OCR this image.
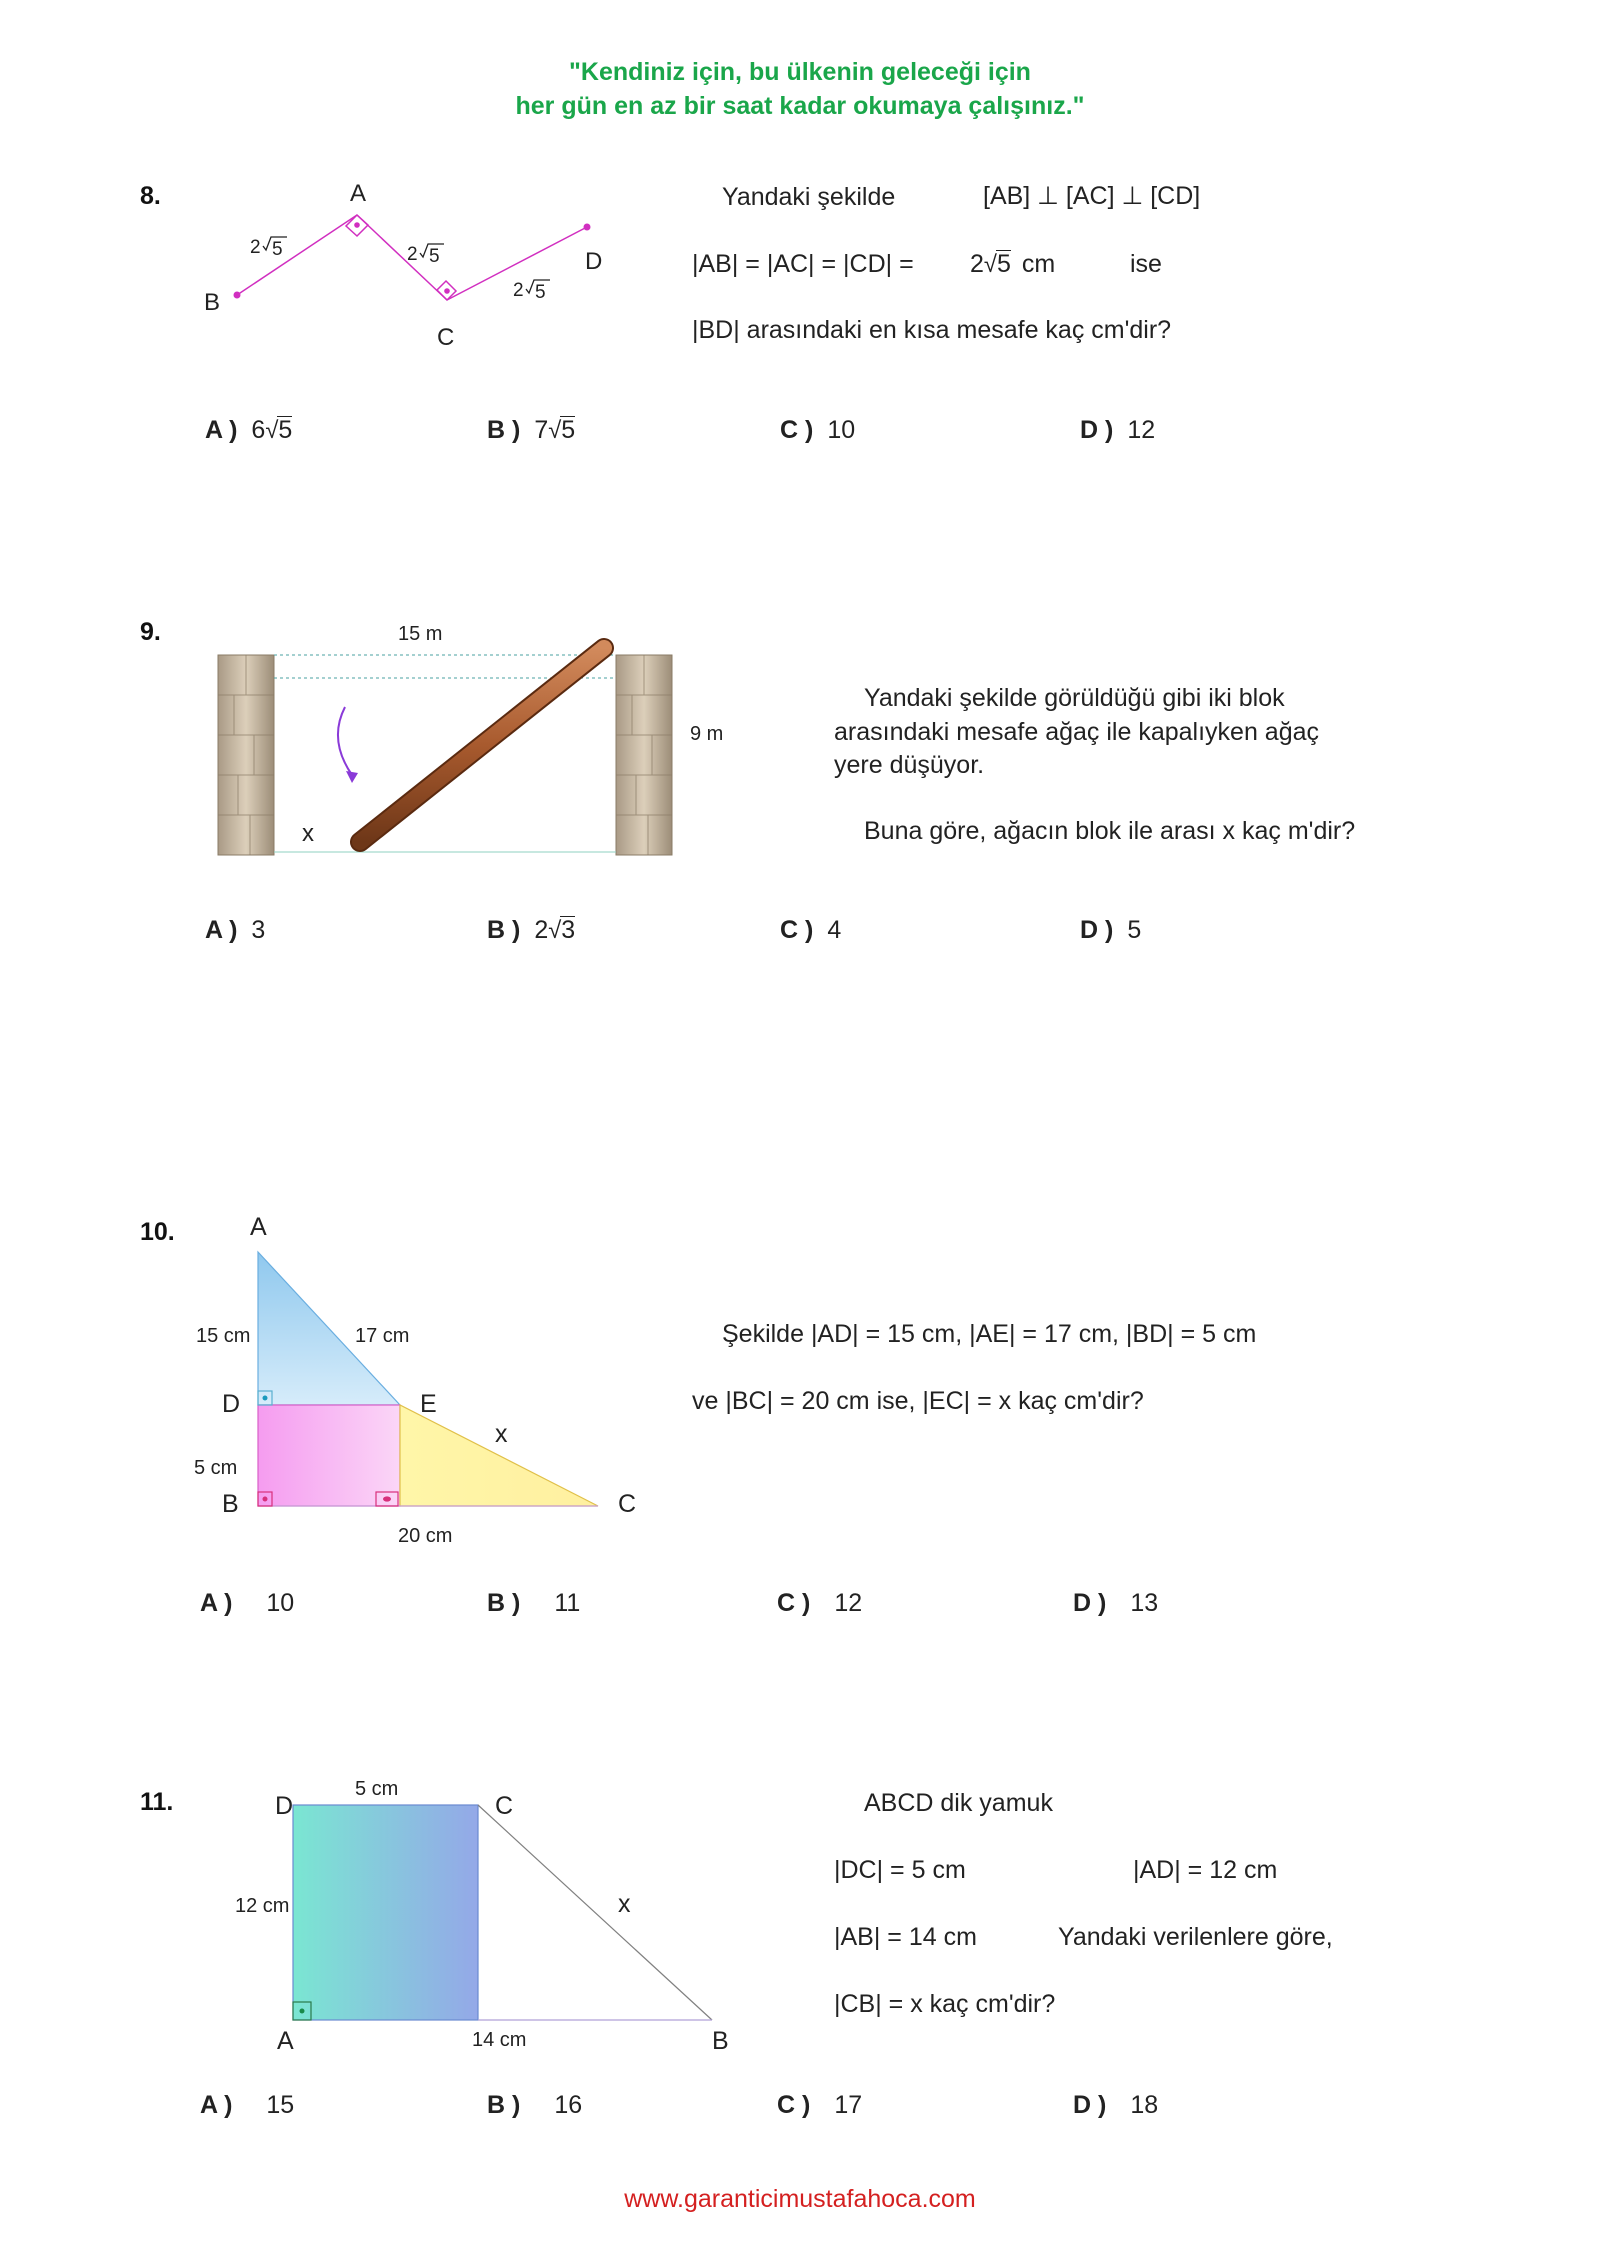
"Kendiniz için, bu ülkenin geleceği için
her gün en az bir saat kadar okumaya çalışınız."
8.	A
B
C
D
2 5	2 5
2 5
Yandaki şekilde	[AB] ⊥ [AC] ⊥ [CD]
|AB| = |AC| = |CD| = 2√5 cm	ise
|BD| arasındaki en kısa mesafe kaç cm'dir?
A ) 6√5	B ) 7√5	C ) 10	D ) 12
9.	15 m
9 m
x
Yandaki şekilde görüldüğü gibi iki blok
arasındaki mesafe ağaç ile kapalıyken ağaç
yere düşüyor.
Buna göre, ağacın blok ile arası x kaç m'dir?
A ) 3	B ) 2√3	C ) 4	D ) 5
10.	A
D	E
B	C
x
15 cm	17 cm
5 cm
20 cm
Şekilde |AD| = 15 cm, |AE| = 17 cm, |BD| = 5 cm
ve |BC| = 20 cm ise, |EC| = x kaç cm'dir?
A ) 10	B ) 11	C ) 12	D ) 13
11.	D	C
A	B
x
5 cm
12 cm
14 cm
ABCD dik yamuk
|DC| = 5 cm	|AD| = 12 cm
|AB| = 14 cm	Yandaki verilenlere göre,
|CB| = x kaç cm'dir?
A ) 15	B ) 16	C ) 17	D ) 18
www.garanticimustafahoca.com
